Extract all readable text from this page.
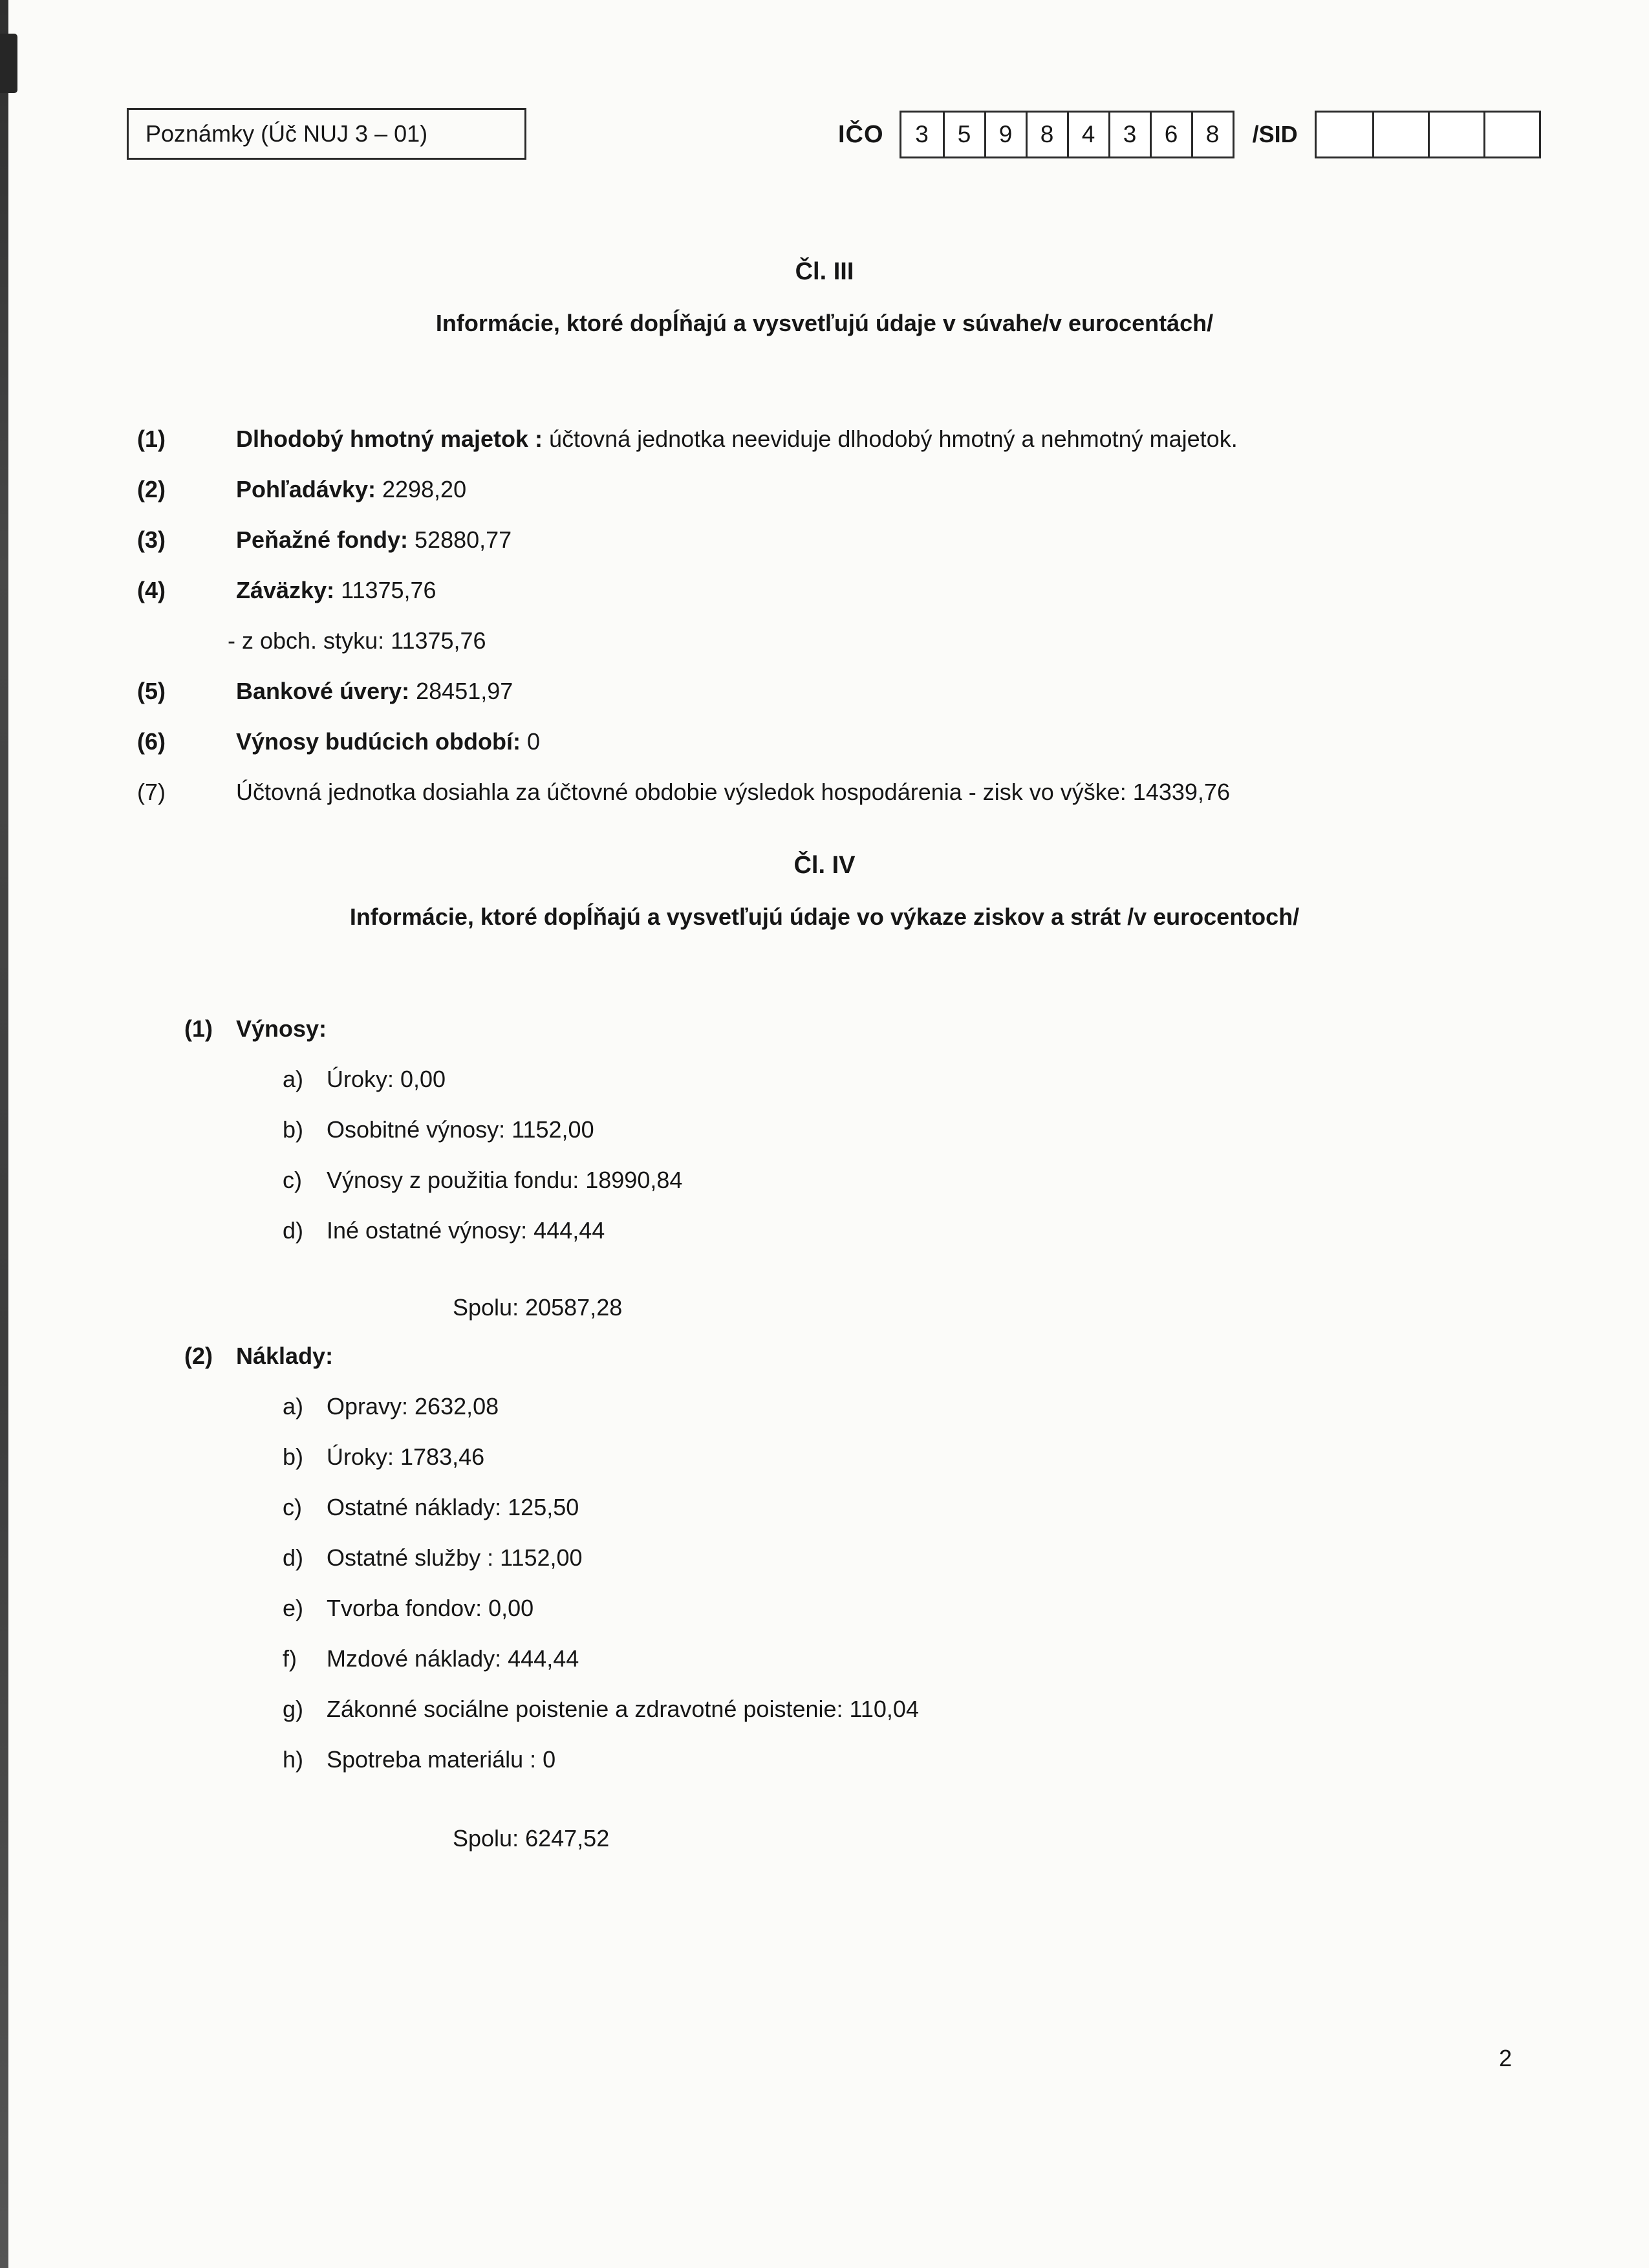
Poznámky (Úč NUJ 3 – 01)	IČO	3	5	9	8	4	3	6	8	/SID
Čl. III
Informácie, ktoré dopĺňajú a vysvetľujú údaje v súvahe/v eurocentách/
(1)	Dlhodobý hmotný majetok : účtovná jednotka neeviduje dlhodobý hmotný a nehmotný majetok.
(2)	Pohľadávky: 2298,20
(3)	Peňažné fondy: 52880,77
(4)	Záväzky: 11375,76
- z obch. styku: 11375,76
(5)	Bankové úvery: 28451,97
(6)	Výnosy budúcich období: 0
(7)	Účtovná jednotka dosiahla za účtovné obdobie výsledok hospodárenia - zisk vo výške: 14339,76
Čl. IV
Informácie, ktoré dopĺňajú a vysvetľujú údaje vo výkaze ziskov a strát /v eurocentoch/
(1)	Výnosy:
a) Úroky: 0,00
b) Osobitné výnosy: 1152,00
c)	Výnosy z použitia fondu: 18990,84
d) Iné ostatné výnosy: 444,44
Spolu: 20587,28
(2)	Náklady:
a) Opravy: 2632,08
b) Úroky: 1783,46
c)	Ostatné náklady: 125,50
d) Ostatné služby : 1152,00
e) Tvorba fondov: 0,00
f)	Mzdové náklady: 444,44
g) Zákonné sociálne poistenie a zdravotné poistenie: 110,04
h) Spotreba materiálu : 0
Spolu: 6247,52
2
